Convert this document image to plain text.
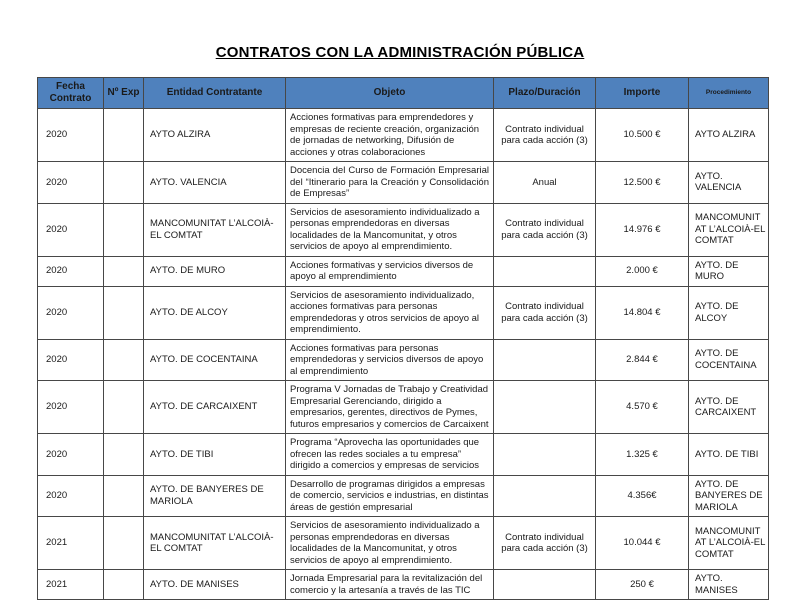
CONTRATOS CON LA ADMINISTRACIÓN PÚBLICA
Fecha Contrato	Nº Exp	Entidad Contratante	Objeto	Plazo/Duración	Importe	Procedimiento
2020		AYTO ALZIRA	Acciones formativas para emprendedores y empresas de reciente creación, organización de jornadas de networking, Difusión de acciones y otras colaboraciones	Contrato individual para cada acción (3)	10.500 €	AYTO ALZIRA
2020		AYTO. VALENCIA	Docencia del Curso de Formación Empresarial del “Itinerario para la Creación y Consolidación de Empresas”	Anual	12.500 €	AYTO. VALENCIA
2020		MANCOMUNITAT L’ALCOIÀ-EL COMTAT	Servicios de asesoramiento individualizado a personas emprendedoras en diversas localidades de la Mancomunitat, y otros servicios de apoyo al emprendimiento.	Contrato individual para cada acción (3)	14.976 €	MANCOMUNITAT L’ALCOIÀ-EL COMTAT
2020		AYTO. DE MURO	Acciones formativas y servicios diversos de apoyo al emprendimiento		2.000 €	AYTO. DE MURO
2020		AYTO. DE ALCOY	Servicios de asesoramiento individualizado, acciones formativas para personas emprendedoras y otros servicios de apoyo al emprendimiento.	Contrato individual para cada acción (3)	14.804 €	AYTO. DE ALCOY
2020		AYTO. DE COCENTAINA	Acciones formativas para personas emprendedoras y servicios diversos de apoyo al emprendimiento		2.844 €	AYTO. DE COCENTAINA
2020		AYTO. DE CARCAIXENT	Programa V Jornadas de Trabajo y Creatividad Empresarial Gerenciando, dirigido a empresarios, gerentes, directivos de Pymes, futuros empresarios y comercios de Carcaixent		4.570 €	AYTO. DE CARCAIXENT
2020		AYTO. DE TIBI	Programa “Aprovecha las oportunidades que ofrecen las redes sociales a tu empresa” dirigido a comercios y empresas de servicios		1.325 €	AYTO. DE TIBI
2020		AYTO. DE BANYERES DE MARIOLA	Desarrollo de programas dirigidos a empresas de comercio, servicios e industrias, en distintas áreas de gestión empresarial		4.356€	AYTO. DE BANYERES DE MARIOLA
2021		MANCOMUNITAT L’ALCOIÀ-EL COMTAT	Servicios de asesoramiento individualizado a personas emprendedoras en diversas localidades de la Mancomunitat, y otros servicios de apoyo al emprendimiento.	Contrato individual para cada acción (3)	10.044 €	MANCOMUNITAT L’ALCOIÀ-EL COMTAT
2021		AYTO. DE MANISES	Jornada Empresarial para la revitalización del comercio y la artesanía a través de las TIC		250 €	AYTO. MANISES
